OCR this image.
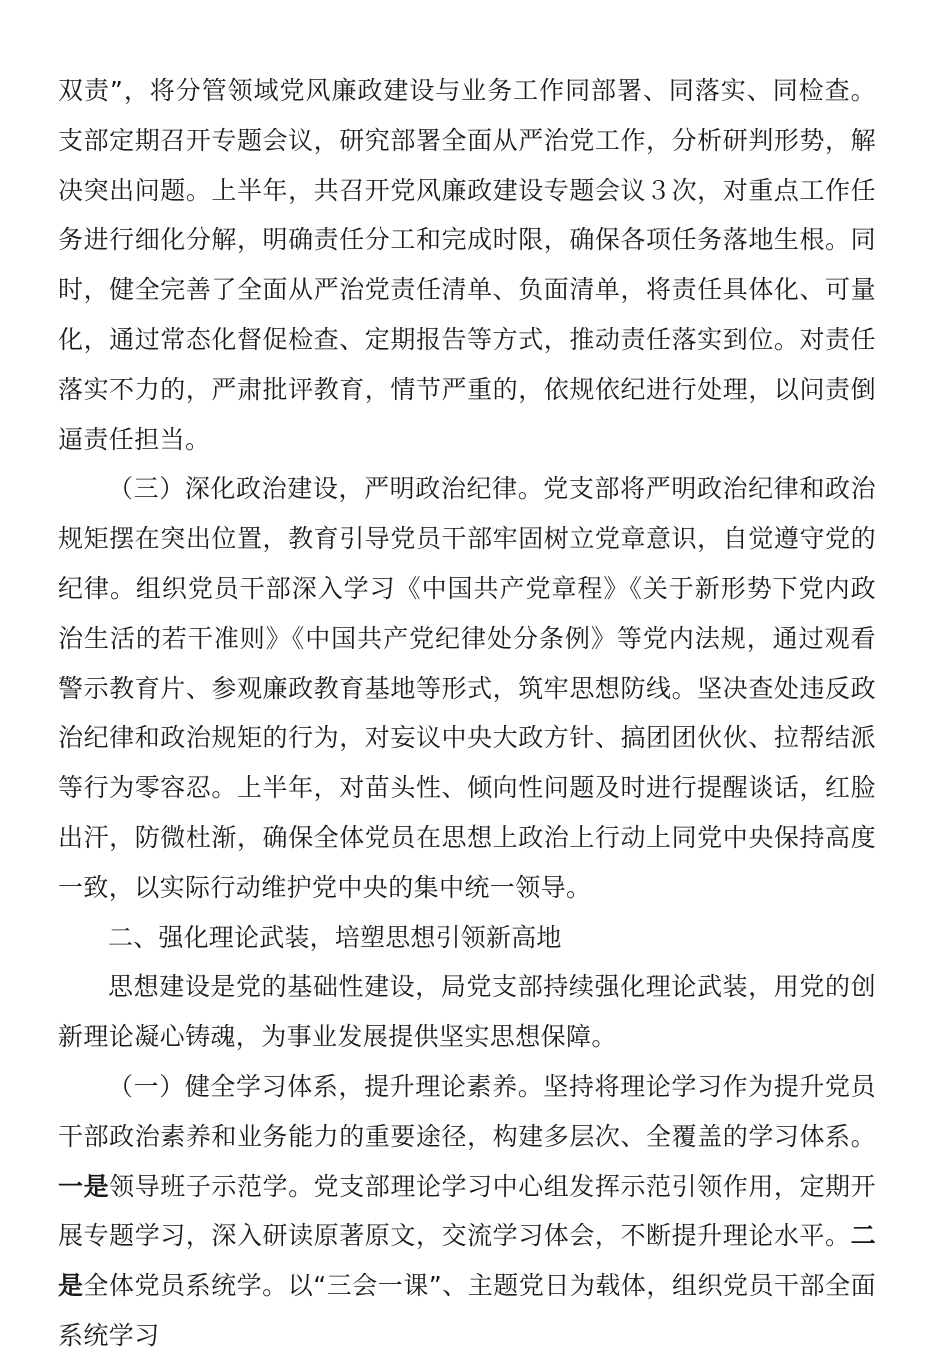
双责”，将分管领域党风廉政建设与业务工作同部署、同落实、同检查。支部定期召开专题会议，研究部署全面从严治党工作，分析研判形势，解决突出问题。上半年，共召开党风廉政建设专题会议３次，对重点工作任务进行细化分解，明确责任分工和完成时限，确保各项任务落地生根。同时，健全完善了全面从严治党责任清单、负面清单，将责任具体化、可量化，通过常态化督促检查、定期报告等方式，推动责任落实到位。对责任落实不力的，严肃批评教育，情节严重的，依规依纪进行处理，以问责倒逼责任担当。

（三）深化政治建设，严明政治纪律。党支部将严明政治纪律和政治规矩摆在突出位置，教育引导党员干部牢固树立党章意识，自觉遵守党的纪律。组织党员干部深入学习《中国共产党章程》《关于新形势下党内政治生活的若干准则》《中国共产党纪律处分条例》等党内法规，通过观看警示教育片、参观廉政教育基地等形式，筑牢思想防线。坚决查处违反政治纪律和政治规矩的行为，对妄议中央大政方针、搞团团伙伙、拉帮结派等行为零容忍。上半年，对苗头性、倾向性问题及时进行提醒谈话，红脸出汗，防微杜渐，确保全体党员在思想上政治上行动上同党中央保持高度一致，以实际行动维护党中央的集中统一领导。

二、强化理论武装，培塑思想引领新高地

思想建设是党的基础性建设，局党支部持续强化理论武装，用党的创新理论凝心铸魂，为事业发展提供坚实思想保障。

（一）健全学习体系，提升理论素养。坚持将理论学习作为提升党员干部政治素养和业务能力的重要途径，构建多层次、全覆盖的学习体系。一是领导班子示范学。党支部理论学习中心组发挥示范引领作用，定期开展专题学习，深入研读原著原文，交流学习体会，不断提升理论水平。二是全体党员系统学。以“三会一课”、主题党日为载体，组织党员干部全面系统学习
